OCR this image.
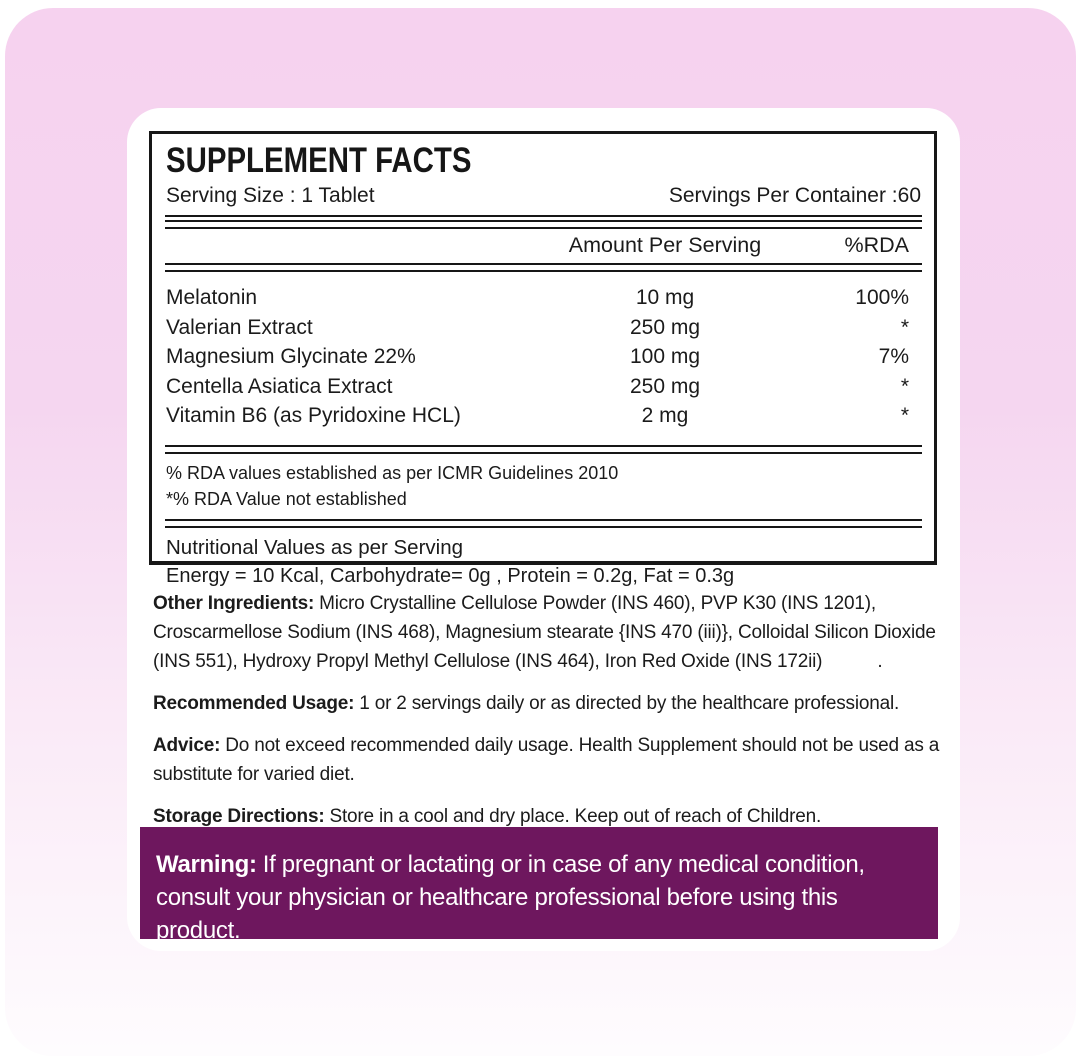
SUPPLEMENT FACTS
Serving Size : 1 Tablet	Servings Per Container :60
Amount Per Serving	%RDA
Melatonin	10 mg	100%
Valerian Extract	250 mg	*
Magnesium Glycinate 22%	100 mg	7%
Centella Asiatica Extract	250 mg	*
Vitamin B6 (as Pyridoxine HCL)	2 mg	*
% RDA values established as per ICMR Guidelines 2010
*% RDA Value not established
Nutritional Values as per Serving
Energy = 10 Kcal, Carbohydrate= 0g , Protein = 0.2g, Fat = 0.3g

Other Ingredients: Micro Crystalline Cellulose Powder (INS 460), PVP K30 (INS 1201), Croscarmellose Sodium (INS 468), Magnesium stearate {INS 470 (iii)}, Colloidal Silicon Dioxide (INS 551), Hydroxy Propyl Methyl Cellulose (INS 464), Iron Red Oxide (INS 172ii)	.

Recommended Usage: 1 or 2 servings daily or as directed by the healthcare professional.

Advice: Do not exceed recommended daily usage. Health Supplement should not be used as a substitute for varied diet.

Storage Directions: Store in a cool and dry place. Keep out of reach of Children.

Warning: If pregnant or lactating or in case of any medical condition,
consult your physician or healthcare professional before using this product.
